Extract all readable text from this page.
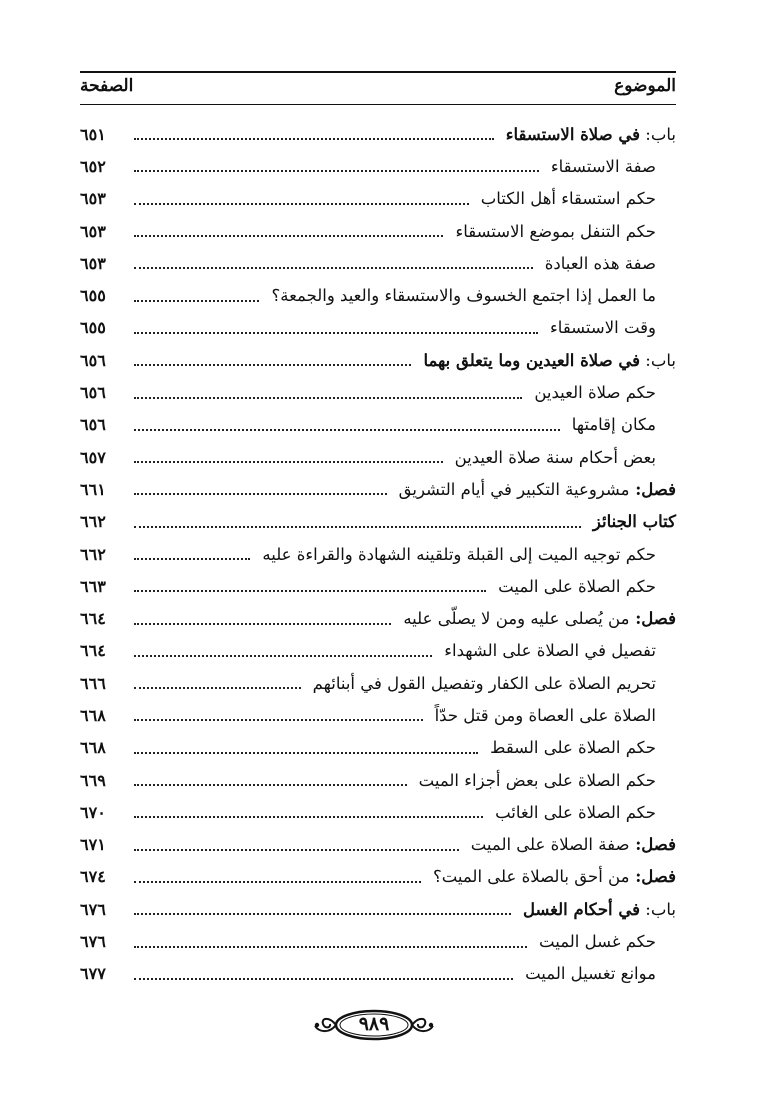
الموضوع
الصفحة
باب: في صلاة الاستسقاء
٦٥١
صفة الاستسقاء
٦٥٢
حكم استسقاء أهل الكتاب
٦٥٣
حكم التنفل بموضع الاستسقاء
٦٥٣
صفة هذه العبادة
٦٥٣
ما العمل إذا اجتمع الخسوف والاستسقاء والعيد والجمعة؟
٦٥٥
وقت الاستسقاء
٦٥٥
باب: في صلاة العيدين وما يتعلق بهما
٦٥٦
حكم صلاة العيدين
٦٥٦
مكان إقامتها
٦٥٦
بعض أحكام سنة صلاة العيدين
٦٥٧
فصل: مشروعية التكبير في أيام التشريق
٦٦١
كتاب الجنائز
٦٦٢
حكم توجيه الميت إلى القبلة وتلقينه الشهادة والقراءة عليه
٦٦٢
حكم الصلاة على الميت
٦٦٣
فصل: من يُصلى عليه ومن لا يصلّى عليه
٦٦٤
تفصيل في الصلاة على الشهداء
٦٦٤
تحريم الصلاة على الكفار وتفصيل القول في أبنائهم
٦٦٦
الصلاة على العصاة ومن قتل حدّاً
٦٦٨
حكم الصلاة على السقط
٦٦٨
حكم الصلاة على بعض أجزاء الميت
٦٦٩
حكم الصلاة على الغائب
٦٧٠
فصل: صفة الصلاة على الميت
٦٧١
فصل: من أحق بالصلاة على الميت؟
٦٧٤
باب: في أحكام الغسل
٦٧٦
حكم غسل الميت
٦٧٦
موانع تغسيل الميت
٦٧٧
٩٨٩
